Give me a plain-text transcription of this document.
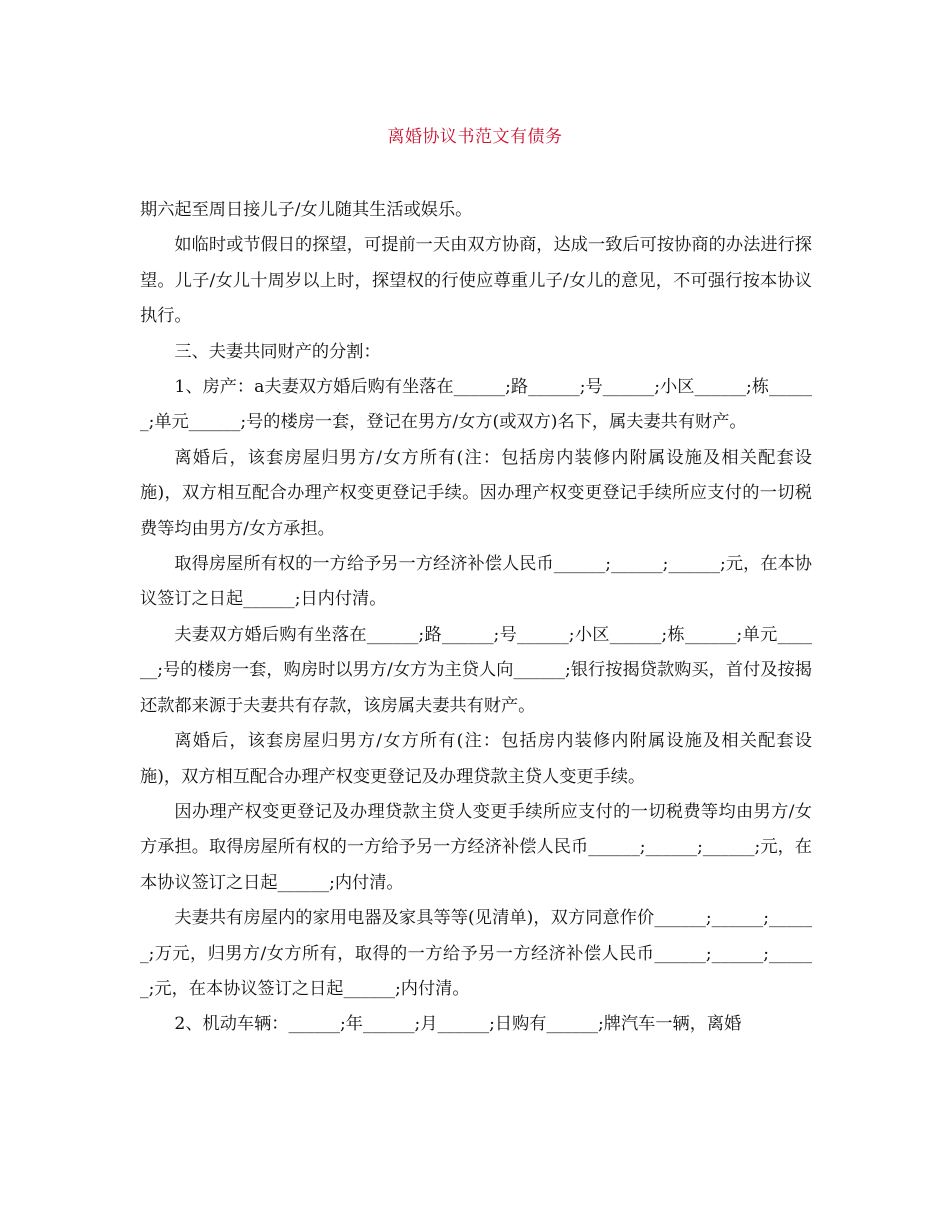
离婚协议书范文有债务

期六起至周日接儿子/女儿随其生活或娱乐。

如临时或节假日的探望，可提前一天由双方协商，达成一致后可按协商的办法进行探望。儿子/女儿十周岁以上时，探望权的行使应尊重儿子/女儿的意见，不可强行按本协议执行。

三、夫妻共同财产的分割：

1、房产：a夫妻双方婚后购有坐落在______;路______;号______;小区______;栋______;单元______;号的楼房一套，登记在男方/女方(或双方)名下，属夫妻共有财产。

离婚后，该套房屋归男方/女方所有(注：包括房内装修内附属设施及相关配套设施)，双方相互配合办理产权变更登记手续。因办理产权变更登记手续所应支付的一切税费等均由男方/女方承担。

取得房屋所有权的一方给予另一方经济补偿人民币______;______;______;元，在本协议签订之日起______;日内付清。

夫妻双方婚后购有坐落在______;路______;号______;小区______;栋______;单元______;号的楼房一套，购房时以男方/女方为主贷人向______;银行按揭贷款购买，首付及按揭还款都来源于夫妻共有存款，该房属夫妻共有财产。

离婚后，该套房屋归男方/女方所有(注：包括房内装修内附属设施及相关配套设施)，双方相互配合办理产权变更登记及办理贷款主贷人变更手续。

因办理产权变更登记及办理贷款主贷人变更手续所应支付的一切税费等均由男方/女方承担。取得房屋所有权的一方给予另一方经济补偿人民币______;______;______;元，在本协议签订之日起______;内付清。

夫妻共有房屋内的家用电器及家具等等(见清单)，双方同意作价______;______;______;万元，归男方/女方所有，取得的一方给予另一方经济补偿人民币______;______;______;元，在本协议签订之日起______;内付清。

2、机动车辆：______;年______;月______;日购有______;牌汽车一辆，离婚
